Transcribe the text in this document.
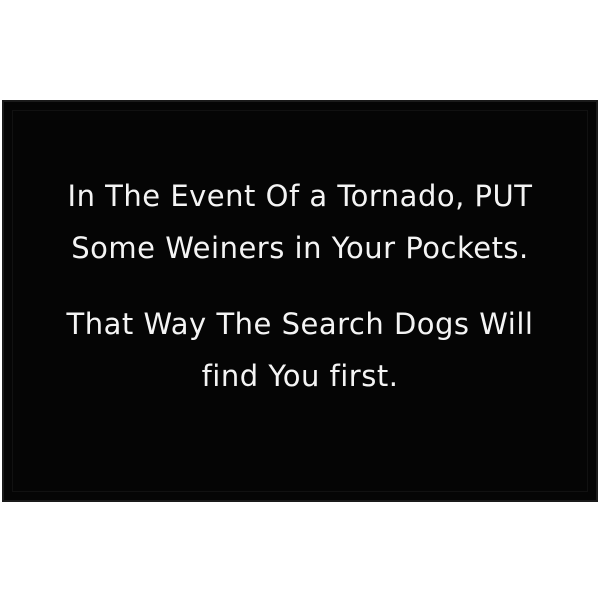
In The Event Of a Tornado, PUT
Some Weiners in Your Pockets.
That Way The Search Dogs Will
find You first.
